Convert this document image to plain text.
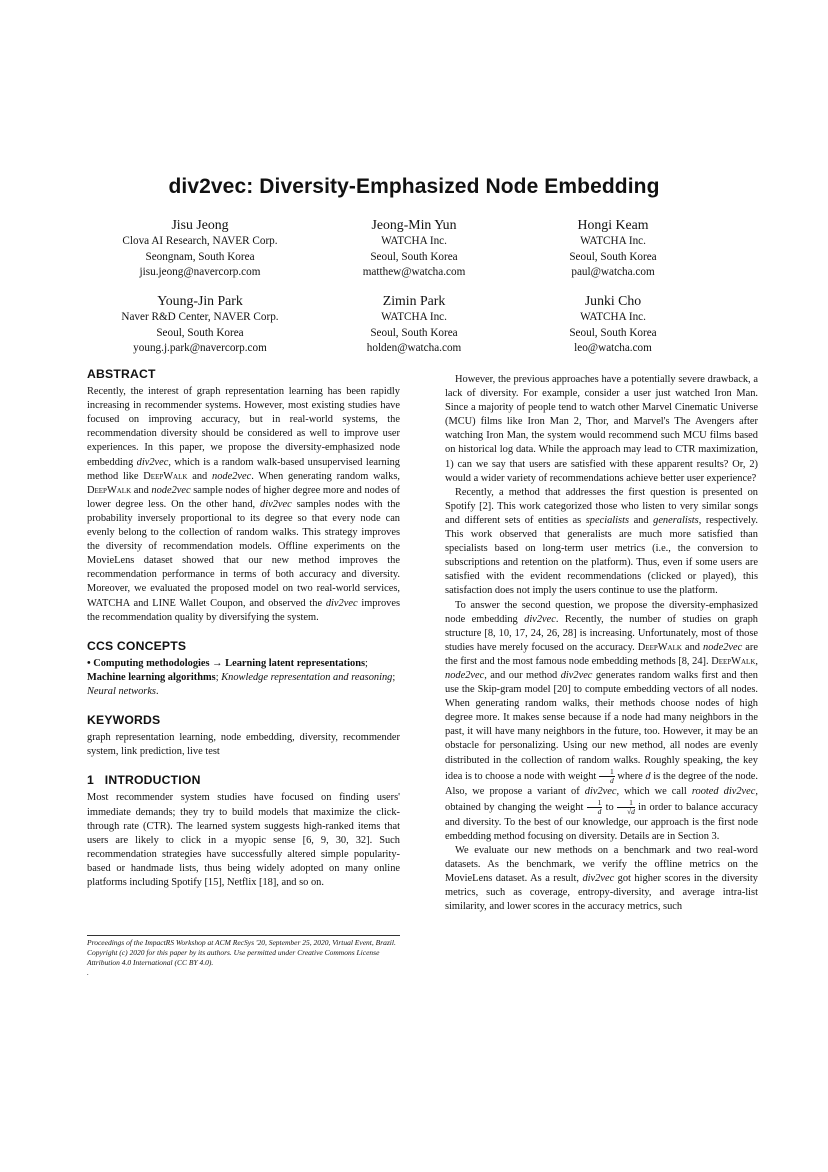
div2vec: Diversity-Emphasized Node Embedding
Jisu Jeong
Clova AI Research, NAVER Corp.
Seongnam, South Korea
jisu.jeong@navercorp.com
Jeong-Min Yun
WATCHA Inc.
Seoul, South Korea
matthew@watcha.com
Hongi Keam
WATCHA Inc.
Seoul, South Korea
paul@watcha.com
Young-Jin Park
Naver R&D Center, NAVER Corp.
Seoul, South Korea
young.j.park@navercorp.com
Zimin Park
WATCHA Inc.
Seoul, South Korea
holden@watcha.com
Junki Cho
WATCHA Inc.
Seoul, South Korea
leo@watcha.com
ABSTRACT

Recently, the interest of graph representation learning has been rapidly increasing in recommender systems. However, most existing studies have focused on improving accuracy, but in real-world systems, the recommendation diversity should be considered as well to improve user experiences. In this paper, we propose the diversity-emphasized node embedding div2vec, which is a random walk-based unsupervised learning method like DeepWalk and node2vec. When generating random walks, DeepWalk and node2vec sample nodes of higher degree more and nodes of lower degree less. On the other hand, div2vec samples nodes with the probability inversely proportional to its degree so that every node can evenly belong to the collection of random walks. This strategy improves the diversity of recommendation models. Offline experiments on the MovieLens dataset showed that our new method improves the recommendation performance in terms of both accuracy and diversity. Moreover, we evaluated the proposed model on two real-world services, WATCHA and LINE Wallet Coupon, and observed the div2vec improves the recommendation quality by diversifying the system.

CCS CONCEPTS

• Computing methodologies → Learning latent representations; Machine learning algorithms; Knowledge representation and reasoning; Neural networks.

KEYWORDS

graph representation learning, node embedding, diversity, recommender system, link prediction, live test

1   INTRODUCTION

Most recommender system studies have focused on finding users' immediate demands; they try to build models that maximize the click-through rate (CTR). The learned system suggests high-ranked items that users are likely to click in a myopic sense [6, 9, 30, 32]. Such recommendation strategies have successfully altered simple popularity-based or handmade lists, thus being widely adopted on many online platforms including Spotify [15], Netflix [18], and so on.

Proceedings of the ImpactRS Workshop at ACM RecSys '20, September 25, 2020, Virtual Event, Brazil.
Copyright (c) 2020 for this paper by its authors. Use permitted under Creative Commons License Attribution 4.0 International (CC BY 4.0).
.

However, the previous approaches have a potentially severe drawback, a lack of diversity. For example, consider a user just watched Iron Man. Since a majority of people tend to watch other Marvel Cinematic Universe (MCU) films like Iron Man 2, Thor, and Marvel's The Avengers after watching Iron Man, the system would recommend such MCU films based on historical log data. While the approach may lead to CTR maximization, 1) can we say that users are satisfied with these apparent results? Or, 2) would a wider variety of recommendations achieve better user experience?

Recently, a method that addresses the first question is presented on Spotify [2]. This work categorized those who listen to very similar songs and different sets of entities as specialists and generalists, respectively. This work observed that generalists are much more satisfied than specialists based on long-term user metrics (i.e., the conversion to subscriptions and retention on the platform). Thus, even if some users are satisfied with the evident recommendations (clicked or played), this satisfaction does not imply the users continue to use the platform.

To answer the second question, we propose the diversity-emphasized node embedding div2vec. Recently, the number of studies on graph structure [8, 10, 17, 24, 26, 28] is increasing. Unfortunately, most of those studies have merely focused on the accuracy. DeepWalk and node2vec are the first and the most famous node embedding methods [8, 24]. DeepWalk, node2vec, and our method div2vec generates random walks first and then use the Skip-gram model [20] to compute embedding vectors of all nodes. When generating random walks, their methods choose nodes of high degree more. It makes sense because if a node had many neighbors in the past, it will have many neighbors in the future, too. However, it may be an obstacle for personalizing. Using our new method, all nodes are evenly distributed in the collection of random walks. Roughly speaking, the key idea is to choose a node with weight $\frac{1}{d}$ where d is the degree of the node. Also, we propose a variant of div2vec, which we call rooted div2vec, obtained by changing the weight $\frac{1}{d}$ to $\frac{1}{√d}$ in order to balance accuracy and diversity. To the best of our knowledge, our approach is the first node embedding method focusing on diversity. Details are in Section 3.

We evaluate our new methods on a benchmark and two real-word datasets. As the benchmark, we verify the offline metrics on the MovieLens dataset. As a result, div2vec got higher scores in the diversity metrics, such as coverage, entropy-diversity, and average intra-list similarity, and lower scores in the accuracy metrics, such
